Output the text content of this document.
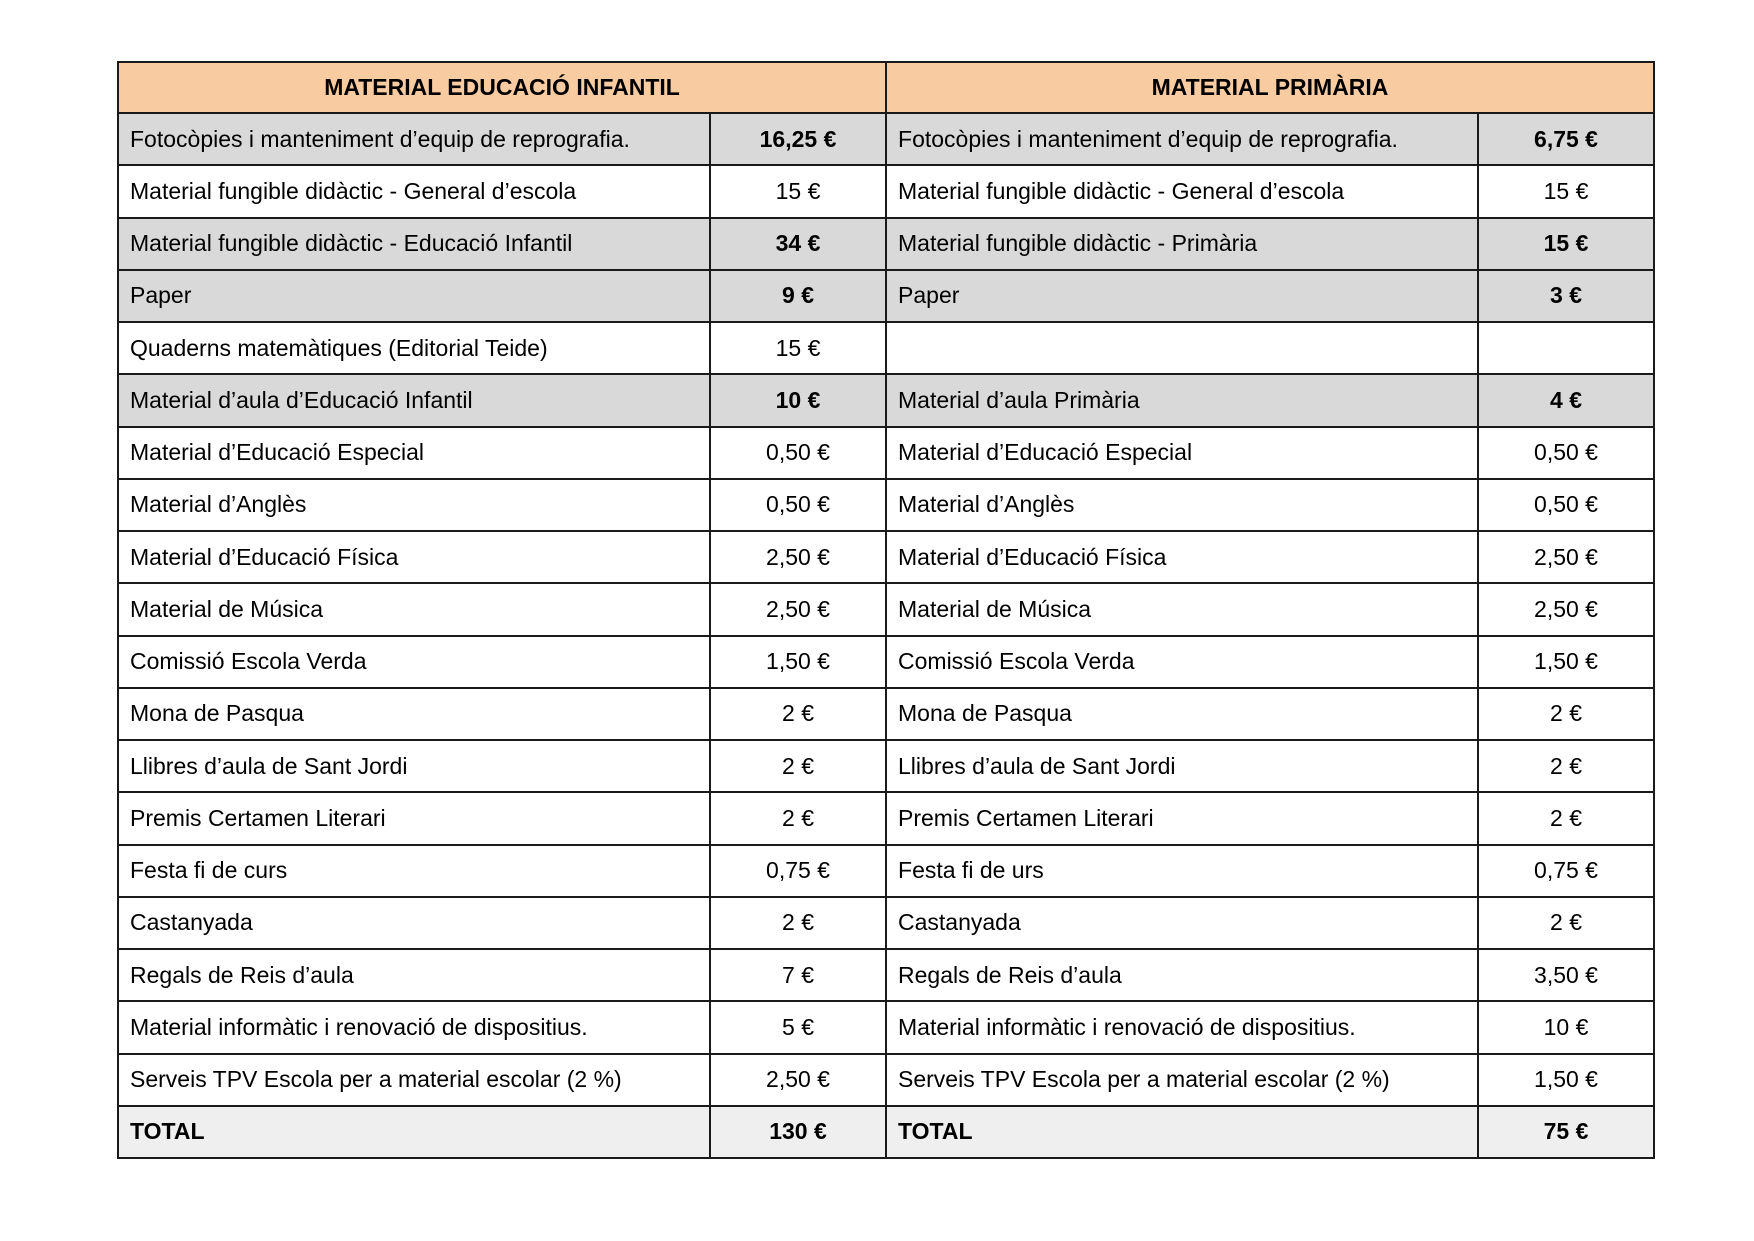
MATERIAL EDUCACIÓ INFANTIL		MATERIAL PRIMÀRIA	
Fotocòpies i manteniment d’equip de reprografia.	16,25 €	Fotocòpies i manteniment d’equip de reprografia.	6,75 €
Material fungible didàctic - General d’escola	15 €	Material fungible didàctic - General d’escola	15 €
Material fungible didàctic - Educació Infantil	34 €	Material fungible didàctic - Primària	15 €
Paper	9 €	Paper	3 €
Quaderns matemàtiques (Editorial Teide)	15 €		
Material d’aula d’Educació Infantil	10 €	Material d’aula Primària	4 €
Material d’Educació Especial	0,50 €	Material d’Educació Especial	0,50 €
Material d’Anglès	0,50 €	Material d’Anglès	0,50 €
Material d’Educació Física	2,50 €	Material d’Educació Física	2,50 €
Material de Música	2,50 €	Material de Música	2,50 €
Comissió Escola Verda	1,50 €	Comissió Escola Verda	1,50 €
Mona de Pasqua	2 €	Mona de Pasqua	2 €
Llibres d’aula de Sant Jordi	2 €	Llibres d’aula de Sant Jordi	2 €
Premis Certamen Literari	2 €	Premis Certamen Literari	2 €
Festa fi de curs	0,75 €	Festa fi de urs	0,75 €
Castanyada	2 €	Castanyada	2 €
Regals de Reis d’aula	7 €	Regals de Reis d’aula	3,50 €
Material informàtic i renovació de dispositius.	5 €	Material informàtic i renovació de dispositius.	10 €
Serveis TPV Escola per a material escolar (2 %)	2,50 €	Serveis TPV Escola per a material escolar (2 %)	1,50 €
TOTAL	130 €	TOTAL	75 €
